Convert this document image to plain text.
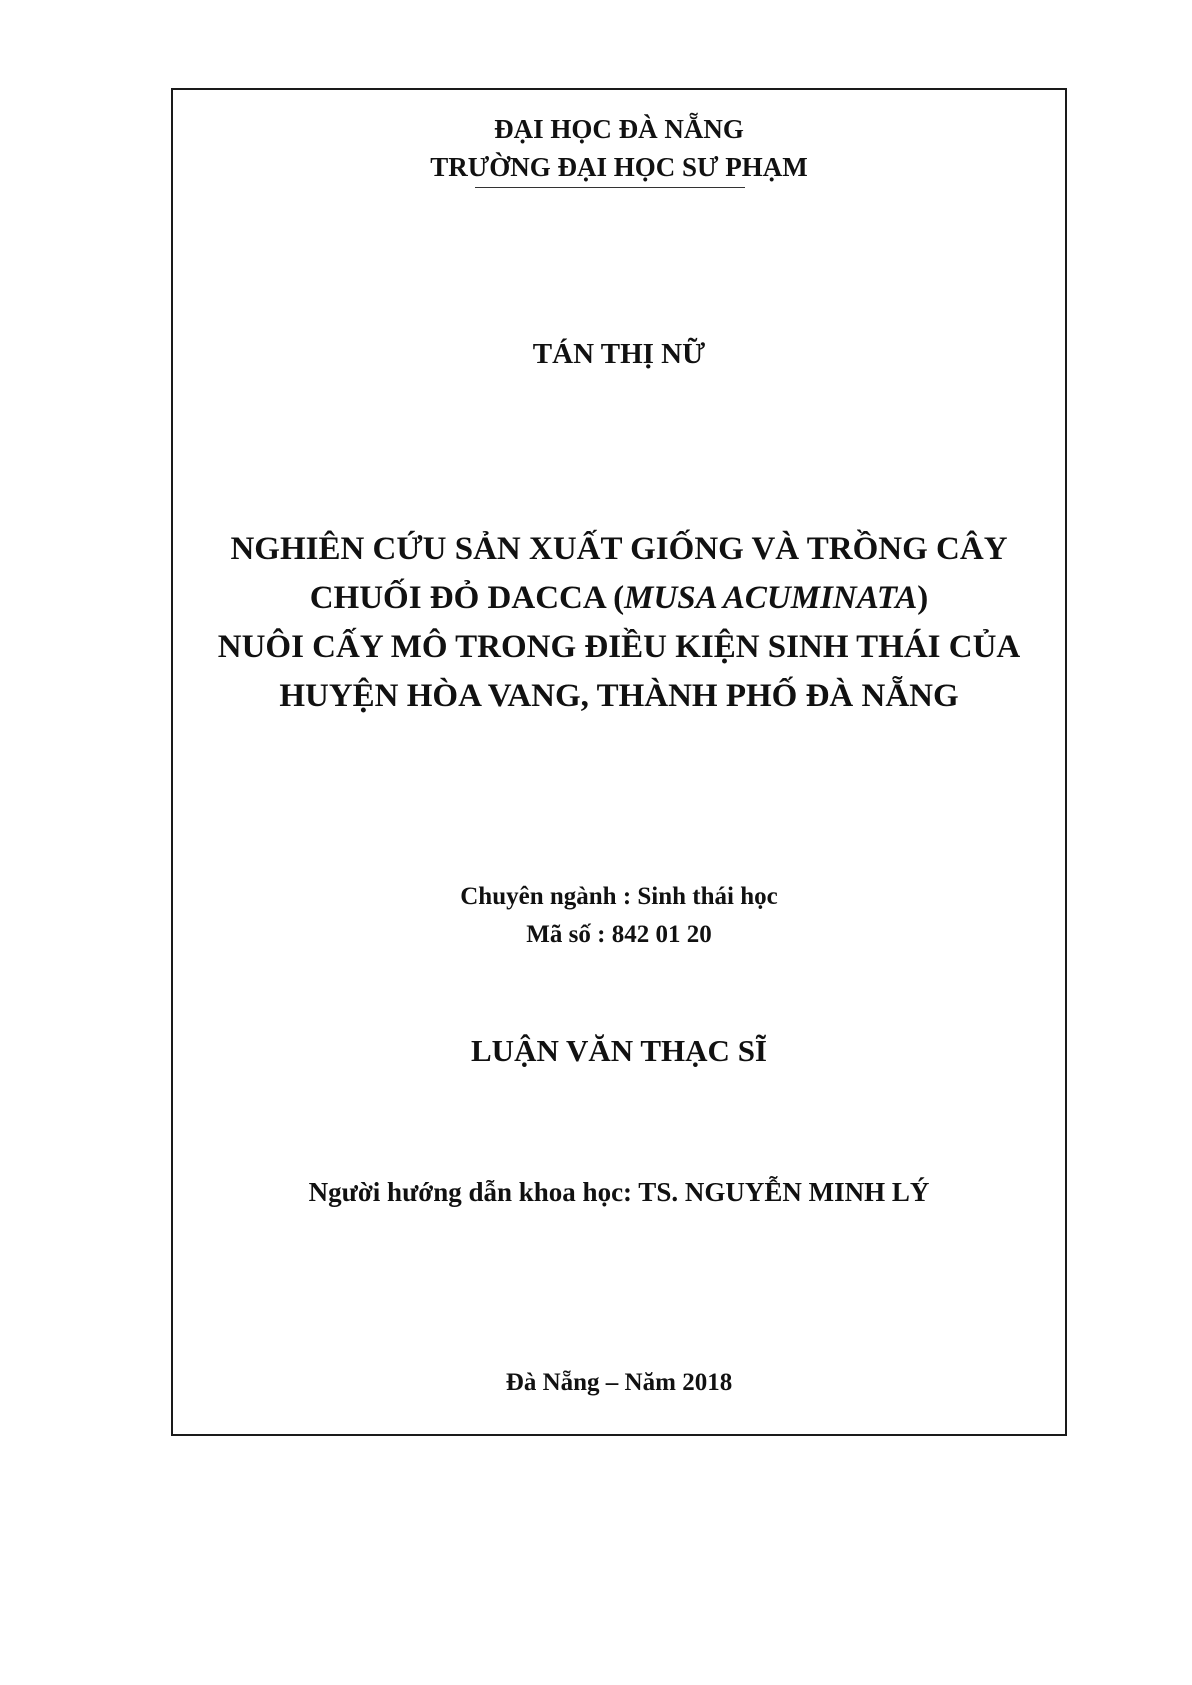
ĐẠI HỌC ĐÀ NẴNG

TRƯỜNG ĐẠI HỌC SƯ PHẠM

TÁN THỊ NỮ

NGHIÊN CỨU SẢN XUẤT GIỐNG VÀ TRỒNG CÂY
CHUỐI ĐỎ DACCA (MUSA ACUMINATA)
NUÔI CẤY MÔ TRONG ĐIỀU KIỆN SINH THÁI CỦA
HUYỆN HÒA VANG, THÀNH PHỐ ĐÀ NẴNG

Chuyên ngành : Sinh thái học

Mã số : 842 01 20

LUẬN VĂN THẠC SĨ

Người hướng dẫn khoa học: TS. NGUYỄN MINH LÝ

Đà Nẵng – Năm 2018
